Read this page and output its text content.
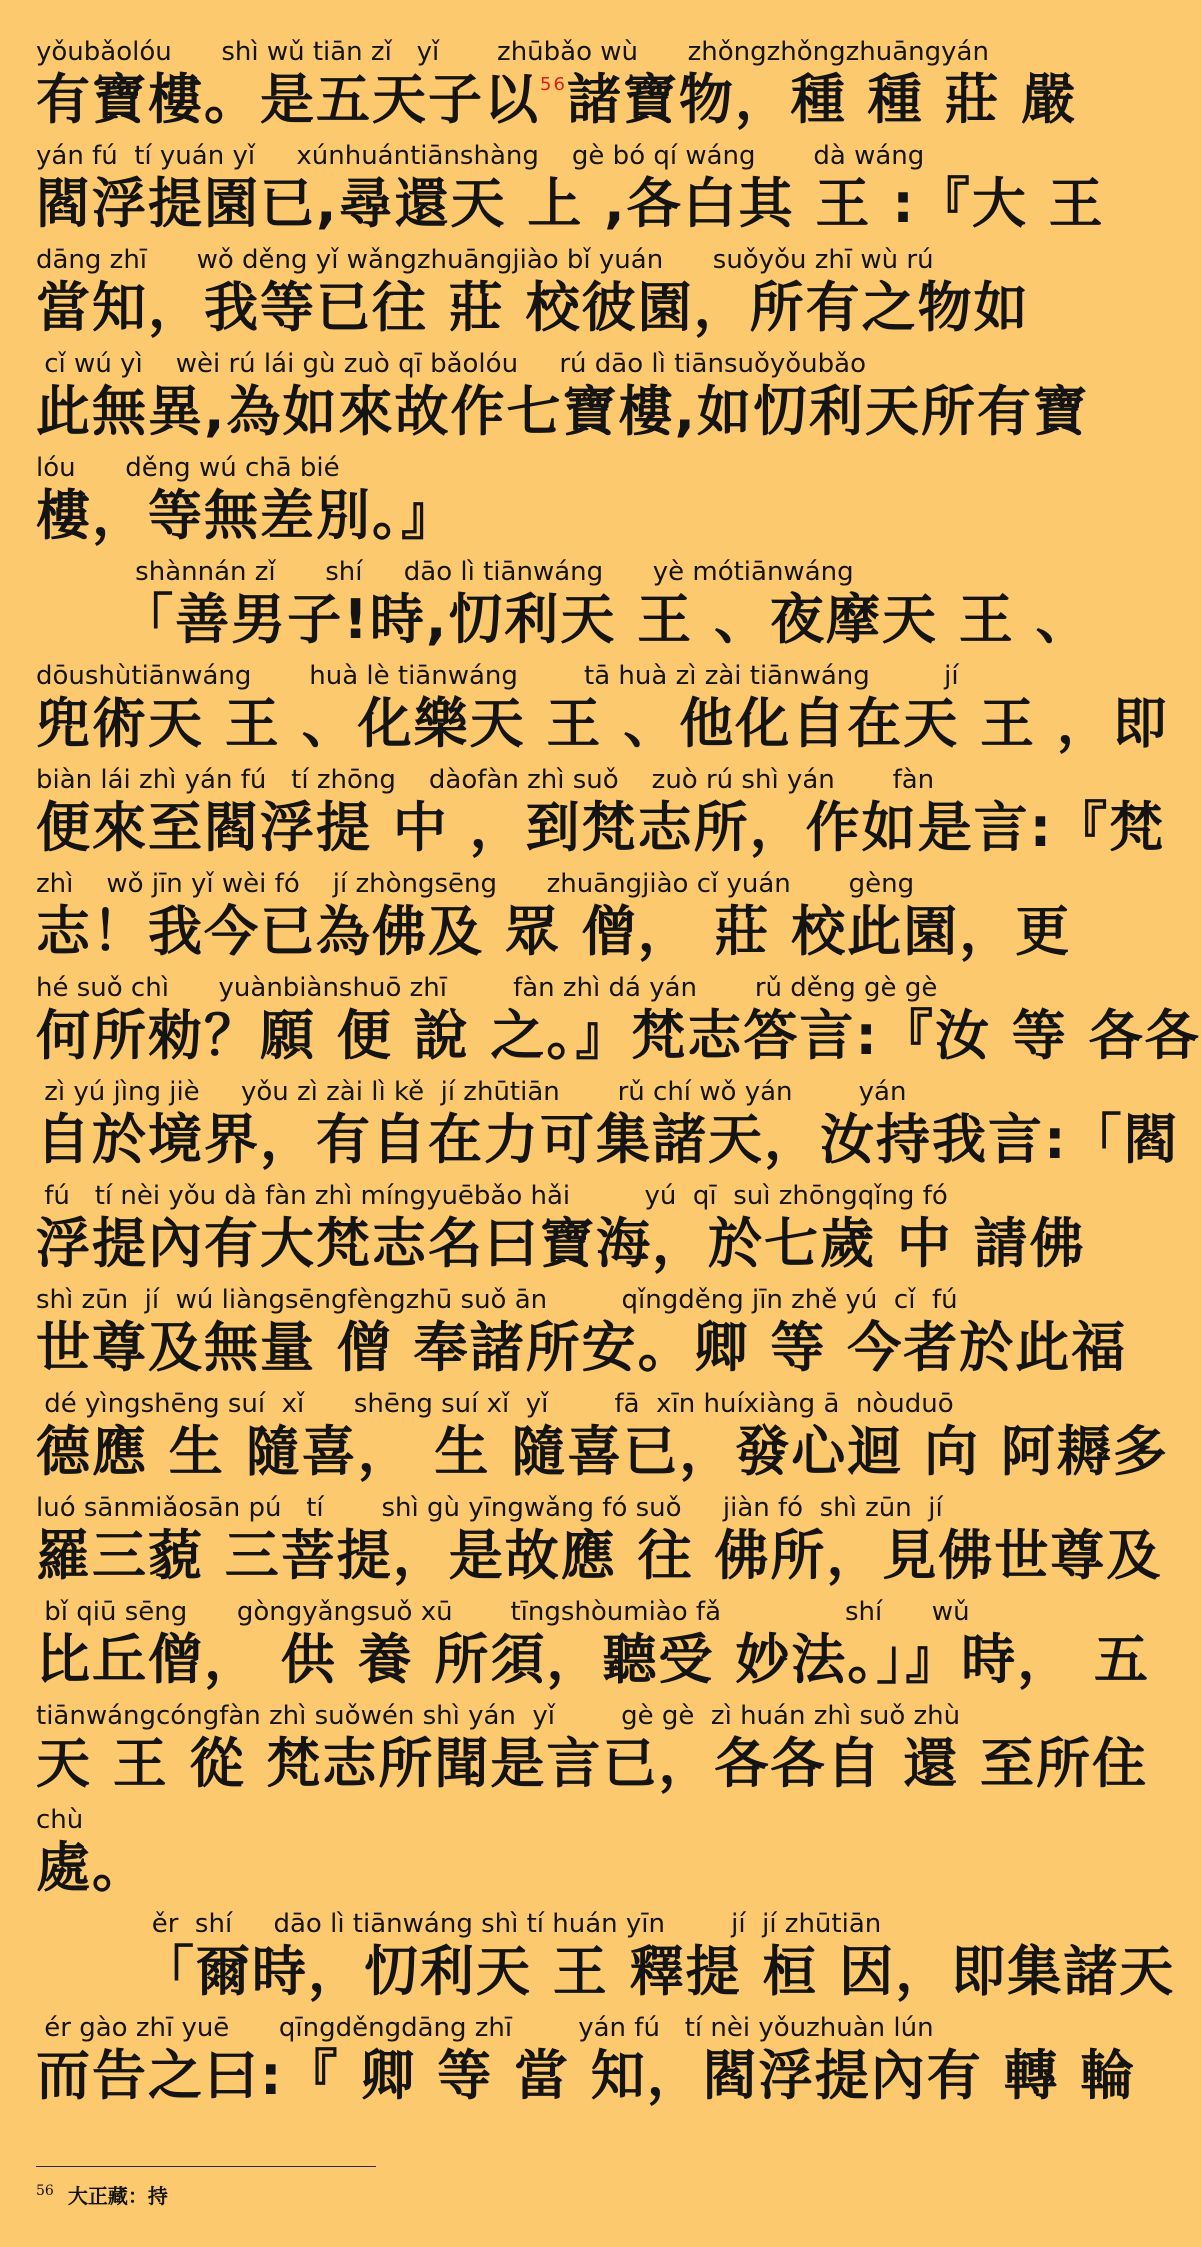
yǒubǎolóu      shì wǔ tiān zǐ   yǐ       zhūbǎo wù      zhǒngzhǒngzhuāngyán
有寶樓。是五天子以$^{56}$諸寶物，種 種 莊 嚴
yán fú  tí yuán yǐ     xúnhuántiānshàng    gè bó qí wáng       dà wáng
閻浮提園已,尋還天 上 ,各白其 王 :『大 王
dāng zhī      wǒ děng yǐ wǎngzhuāngjiào bǐ yuán      suǒyǒu zhī wù rú
當知，我等已往 莊 校彼園，所有之物如
cǐ wú yì    wèi rú lái gù zuò qī bǎolóu     rú dāo lì tiānsuǒyǒubǎo
此無異,為如來故作七寶樓,如忉利天所有寶
lóu      děng wú chā bié
樓，等無差別。』
shànnán zǐ      shí     dāo lì tiānwáng      yè mótiānwáng
「善男子!時,忉利天 王 、夜摩天 王 、
dōushùtiānwáng       huà lè tiānwáng        tā huà zì zài tiānwáng         jí
兜術天 王 、化樂天 王 、他化自在天 王 ，即
biàn lái zhì yán fú   tí zhōng    dàofàn zhì suǒ    zuò rú shì yán       fàn
便來至閻浮提 中 ，到梵志所，作如是言:『梵
zhì    wǒ jīn yǐ wèi fó    jí zhòngsēng      zhuāngjiào cǐ yuán       gèng
志！我今已為佛及 眾 僧， 莊 校此園，更
hé suǒ chì      yuànbiànshuō zhī        fàn zhì dá yán       rǔ děng gè gè
何所勑？願 便 說 之。』梵志答言:『汝 等 各各
zì yú jìng jiè     yǒu zì zài lì kě  jí zhūtiān       rǔ chí wǒ yán        yán
自於境界，有自在力可集諸天，汝持我言:「閻
fú   tí nèi yǒu dà fàn zhì míngyuēbǎo hǎi         yú  qī  suì zhōngqǐng fó
浮提內有大梵志名曰寶海，於七歲 中 請佛
shì zūn  jí  wú liàngsēngfèngzhū suǒ ān         qǐngděng jīn zhě yú  cǐ  fú
世尊及無量 僧 奉諸所安。卿 等 今者於此福
dé yìngshēng suí  xǐ      shēng suí xǐ  yǐ        fā  xīn huíxiàng ā  nòuduō
德應 生 隨喜， 生 隨喜已，發心迴 向 阿耨多
luó sānmiǎosān pú   tí       shì gù yīngwǎng fó suǒ     jiàn fó  shì zūn  jí
羅三藐 三菩提，是故應 往 佛所，見佛世尊及
bǐ qiū sēng      gòngyǎngsuǒ xū       tīngshòumiào fǎ               shí      wǔ
比丘僧， 供 養 所須，聽受 妙法。」』時， 五
tiānwángcóngfàn zhì suǒwén shì yán  yǐ        gè gè  zì huán zhì suǒ zhù
天 王 從 梵志所聞是言已，各各自 還 至所住
chù
處。
ěr  shí     dāo lì tiānwáng shì tí huán yīn        jí  jí zhūtiān
「爾時，忉利天 王 釋提 桓 因，即集諸天
ér gào zhī yuē      qīngděngdāng zhī        yán fú   tí nèi yǒuzhuàn lún
而告之曰:『 卿 等 當 知，閻浮提內有 轉 輪
$^{56}$ 大正藏：持
